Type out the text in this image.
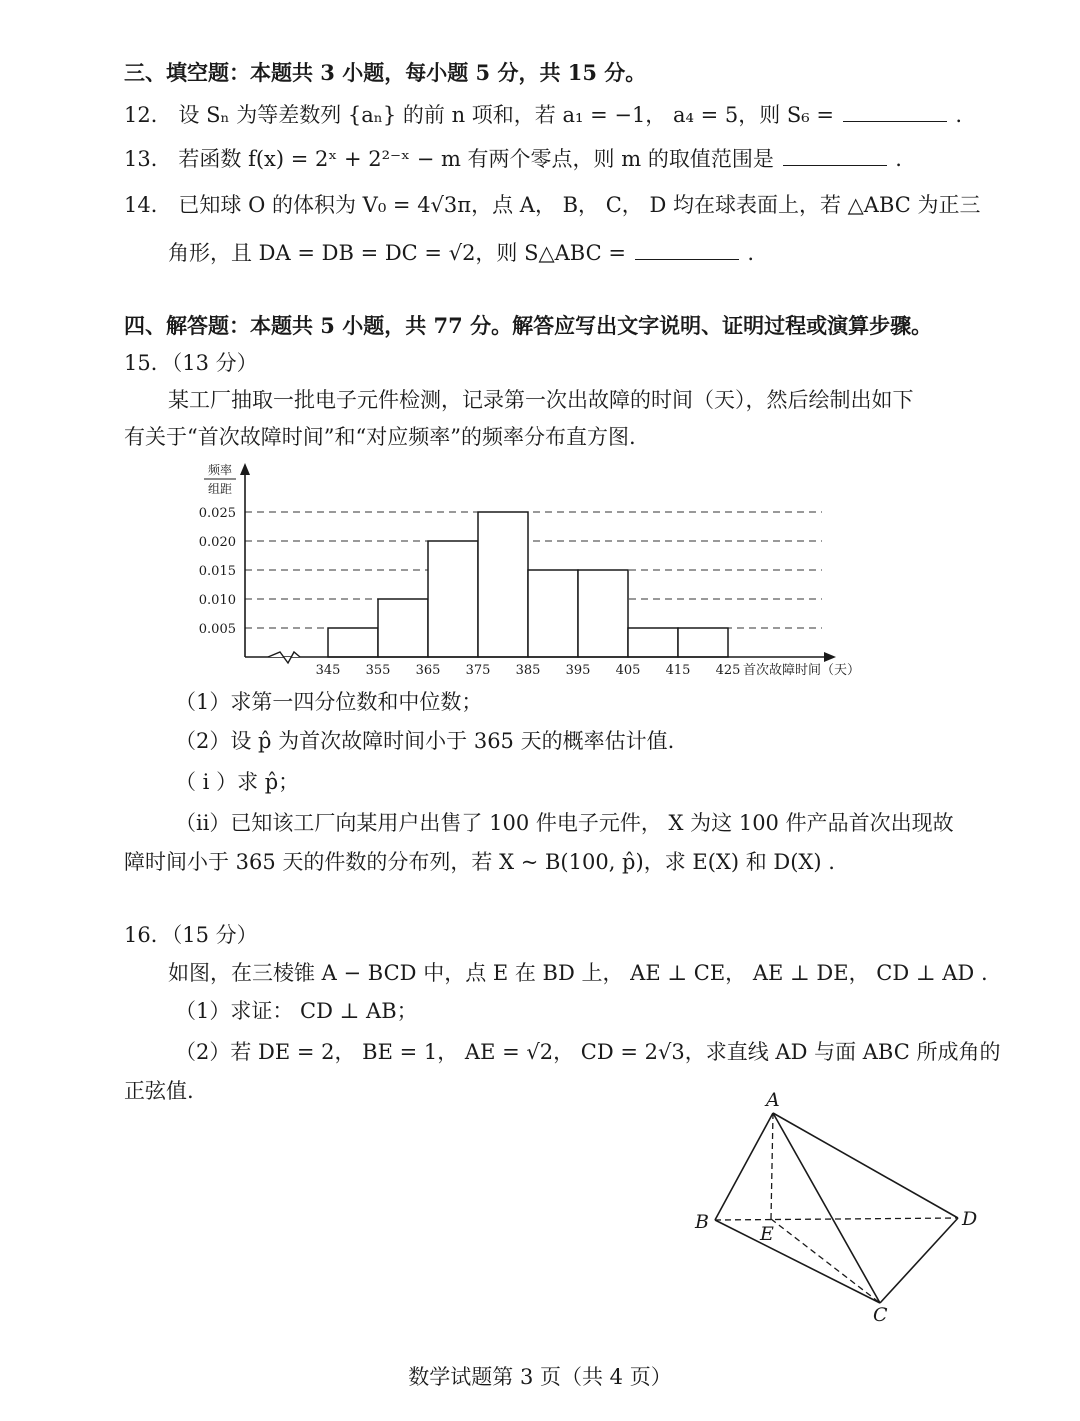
三、填空题：本题共 3 小题，每小题 5 分，共 15 分。
12． 设 Sₙ 为等差数列 {aₙ} 的前 n 项和，若 a₁ = −1， a₄ = 5，则 S₆ =	.
13． 若函数 f(x) = 2ˣ + 2²⁻ˣ − m 有两个零点，则 m 的取值范围是	.
14． 已知球 O 的体积为 V₀ = 4√3π，点 A， B， C， D 均在球表面上，若 △ABC 为正三
角形，且 DA = DB = DC = √2，则 S△ABC =	.
四、解答题：本题共 5 小题，共 77 分。解答应写出文字说明、证明过程或演算步骤。
15．（13 分）
某工厂抽取一批电子元件检测，记录第一次出故障的时间（天），然后绘制出如下
有关于“首次故障时间”和“对应频率”的频率分布直方图.
频率
组距
0.005
0.010
0.015
0.020
0.025
345 355 365 375 385 395 405 415 425 首次故障时间（天）
（1）求第一四分位数和中位数；
（2）设 p̂ 为首次故障时间小于 365 天的概率估计值.
（ i ）求 p̂；
（ii）已知该工厂向某用户出售了 100 件电子元件， X 为这 100 件产品首次出现故
障时间小于 365 天的件数的分布列，若 X ~ B(100, p̂)，求 E(X) 和 D(X) .
16．（15 分）
如图，在三棱锥 A − BCD 中，点 E 在 BD 上， AE ⊥ CE， AE ⊥ DE， CD ⊥ AD .
（1）求证： CD ⊥ AB；
（2）若 DE = 2， BE = 1， AE = √2， CD = 2√3，求直线 AD 与面 ABC 所成角的
正弦值.	A
B
E
D
C
数学试题第 3 页（共 4 页）
